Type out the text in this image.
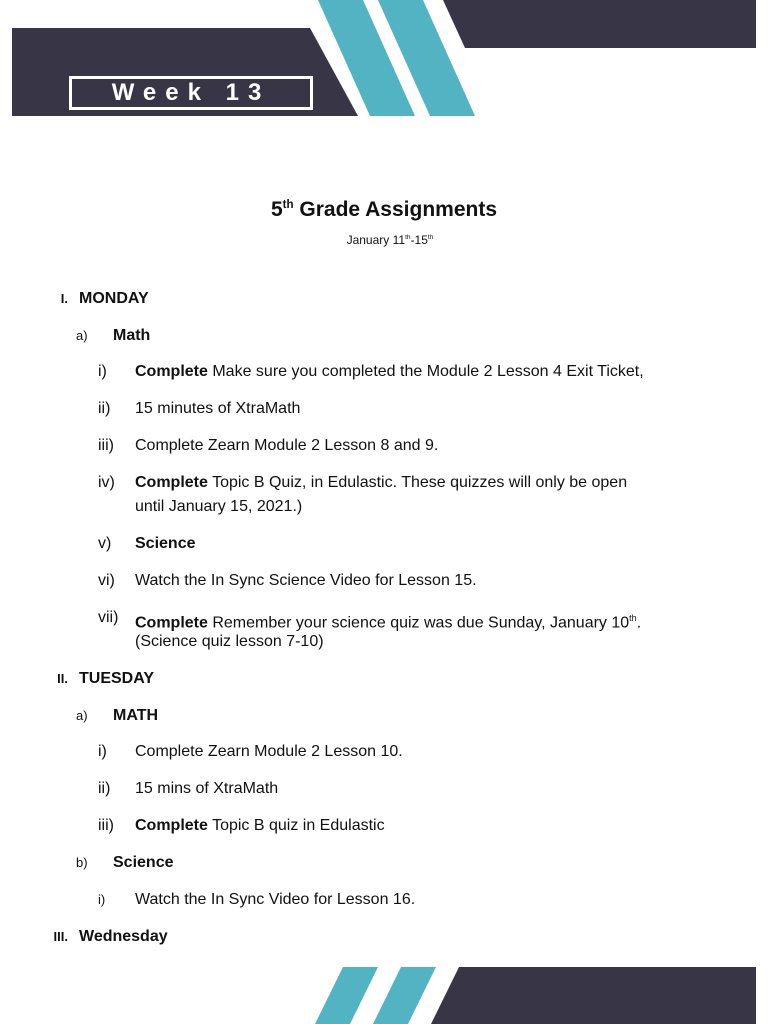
Week 13
5th Grade Assignments
January 11th-15th
I. MONDAY
a) Math
i)	Complete Make sure you completed the Module 2 Lesson 4 Exit Ticket,
ii)	15 minutes of XtraMath
iii)	Complete Zearn Module 2 Lesson 8 and 9.
iv)	Complete Topic B Quiz, in Edulastic. These quizzes will only be open
until January 15, 2021.)
v)	Science
vi)	Watch the In Sync Science Video for Lesson 15.
vii)	Complete Remember your science quiz was due Sunday, January 10th.
(Science quiz lesson 7-10)
II. TUESDAY
a) MATH
i)	Complete Zearn Module 2 Lesson 10.
ii)	15 mins of XtraMath
iii)	Complete Topic B quiz in Edulastic
b) Science
i)	Watch the In Sync Video for Lesson 16.
III. Wednesday
